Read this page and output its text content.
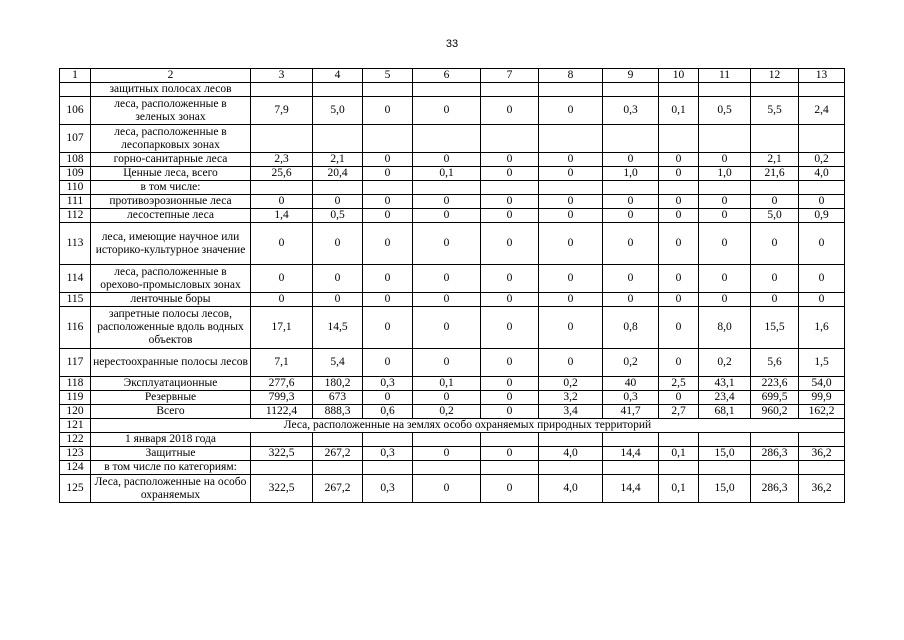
33
1	2	3	4	5	6	7	8	9	10	11	12	13
	защитных полосах лесов											
106	леса, расположенные в зеленых зонах	7,9	5,0	0	0	0	0	0,3	0,1	0,5	5,5	2,4
107	леса, расположенные в лесопарковых зонах											
108	горно-санитарные леса	2,3	2,1	0	0	0	0	0	0	0	2,1	0,2
109	Ценные леса, всего	25,6	20,4	0	0,1	0	0	1,0	0	1,0	21,6	4,0
110	в том числе:											
111	противоэрозионные леса	0	0	0	0	0	0	0	0	0	0	0
112	лесостепные леса	1,4	0,5	0	0	0	0	0	0	0	5,0	0,9
113	леса, имеющие научное или историко-культурное значение	0	0	0	0	0	0	0	0	0	0	0
114	леса, расположенные в орехово-промысловых зонах	0	0	0	0	0	0	0	0	0	0	0
115	ленточные боры	0	0	0	0	0	0	0	0	0	0	0
116	запретные полосы лесов, расположенные вдоль водных объектов	17,1	14,5	0	0	0	0	0,8	0	8,0	15,5	1,6
117	нерестоохранные полосы лесов	7,1	5,4	0	0	0	0	0,2	0	0,2	5,6	1,5
118	Эксплуатационные	277,6	180,2	0,3	0,1	0	0,2	40	2,5	43,1	223,6	54,0
119	Резервные	799,3	673	0	0	0	3,2	0,3	0	23,4	699,5	99,9
120	Всего	1122,4	888,3	0,6	0,2	0	3,4	41,7	2,7	68,1	960,2	162,2
121	Леса, расположенные на землях особо охраняемых природных территорий											
122	1 января 2018 года											
123	Защитные	322,5	267,2	0,3	0	0	4,0	14,4	0,1	15,0	286,3	36,2
124	в том числе по категориям:											
125	Леса, расположенные на особо охраняемых	322,5	267,2	0,3	0	0	4,0	14,4	0,1	15,0	286,3	36,2
